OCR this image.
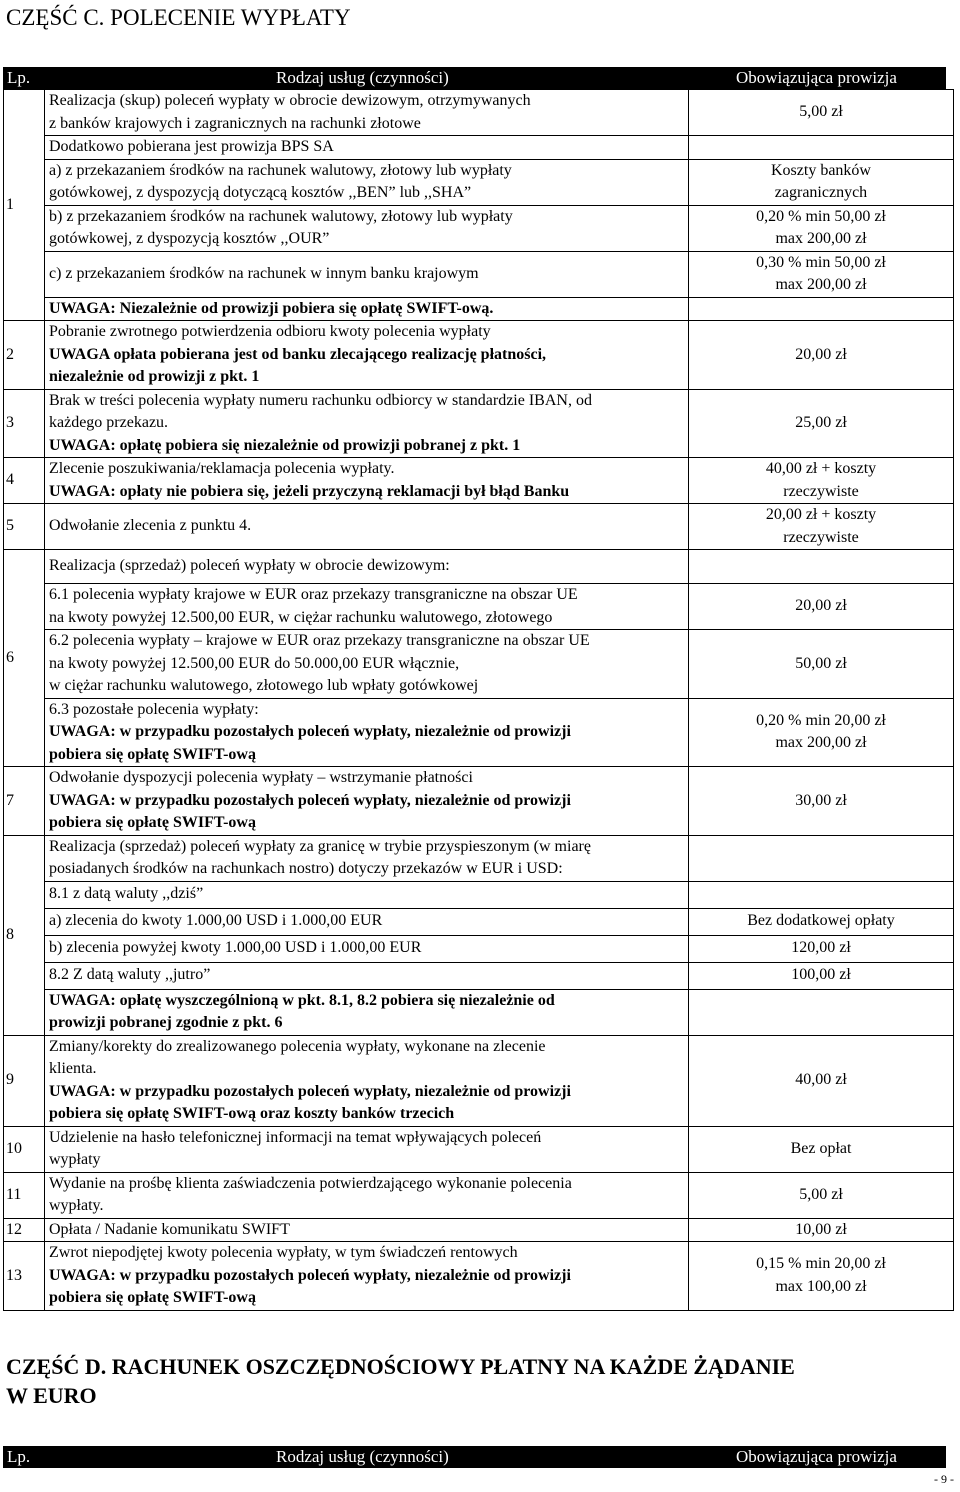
CZĘŚĆ C. POLECENIE WYPŁATY
Lp.	Rodzaj usług (czynności)	Obowiązująca prowizja
1	Realizacja (skup) poleceń wypłaty w obrocie dewizowym, otrzymywanych
z banków krajowych i zagranicznych na rachunki złotowe	5,00 zł
	Dodatkowo pobierana jest prowizja BPS SA	

	a) z przekazaniem środków na rachunek walutowy, złotowy lub wypłaty
gotówkowej, z dyspozycją dotyczącą kosztów ,,BEN” lub ,,SHA”	Koszty banków
zagranicznych

	b) z przekazaniem środków na rachunek walutowy, złotowy lub wypłaty
gotówkowej, z dyspozycją kosztów ,,OUR”	0,20 % min 50,00 zł
max 200,00 zł

	c) z przekazaniem środków na rachunek w innym banku krajowym	0,30 % min 50,00 zł
max 200,00 zł

	UWAGA: Niezależnie od prowizji pobiera się opłatę SWIFT-ową.	
2	Pobranie zwrotnego potwierdzenia odbioru kwoty polecenia wypłaty
UWAGA opłata pobierana jest od banku zlecającego realizację płatności,
niezależnie od prowizji z pkt. 1	20,00 zł
3	Brak w treści polecenia wypłaty numeru rachunku odbiorcy w standardzie IBAN, od
każdego przekazu.
UWAGA: opłatę pobiera się niezależnie od prowizji pobranej z pkt. 1	25,00 zł
4	Zlecenie poszukiwania/reklamacja polecenia wypłaty.
UWAGA: opłaty nie pobiera się, jeżeli przyczyną reklamacji był błąd Banku	40,00 zł + koszty
rzeczywiste

5	Odwołanie zlecenia z punktu 4.	20,00 zł + koszty
rzeczywiste

6	Realizacja (sprzedaż) poleceń wypłaty w obrocie dewizowym:	

	6.1 polecenia wypłaty krajowe w EUR oraz przekazy transgraniczne na obszar UE
na kwoty powyżej 12.500,00 EUR, w ciężar rachunku walutowego, złotowego	20,00 zł

	6.2 polecenia wypłaty – krajowe w EUR oraz przekazy transgraniczne na obszar UE
na kwoty powyżej 12.500,00 EUR do 50.000,00 EUR włącznie,
w ciężar rachunku walutowego, złotowego lub wpłaty gotówkowej	50,00 zł

	6.3 pozostałe polecenia wypłaty:
UWAGA: w przypadku pozostałych poleceń wypłaty, niezależnie od prowizji
pobiera się opłatę SWIFT-ową	0,20 % min 20,00 zł
max 200,00 zł

7	Odwołanie dyspozycji polecenia wypłaty – wstrzymanie płatności
UWAGA: w przypadku pozostałych poleceń wypłaty, niezależnie od prowizji
pobiera się opłatę SWIFT-ową	30,00 zł
8	Realizacja (sprzedaż) poleceń wypłaty za granicę w trybie przyspieszonym (w miarę
posiadanych środków na rachunkach nostro) dotyczy przekazów w EUR i USD:	

	8.1 z datą waluty ,,dziś”	
	a) zlecenia do kwoty 1.000,00 USD i 1.000,00 EUR	Bez dodatkowej opłaty
	b) zlecenia powyżej kwoty 1.000,00 USD i 1.000,00 EUR	120,00 zł
	8.2 Z datą waluty ,,jutro”	100,00 zł

	UWAGA: opłatę wyszczególnioną w pkt. 8.1, 8.2 pobiera się niezależnie od
prowizji pobranej zgodnie z pkt. 6	

9	Zmiany/korekty do zrealizowanego polecenia wypłaty, wykonane na zlecenie
klienta.
UWAGA: w przypadku pozostałych poleceń wypłaty, niezależnie od prowizji
pobiera się opłatę SWIFT-ową oraz koszty banków trzecich	40,00 zł
10	Udzielenie na hasło telefonicznej informacji na temat wpływających poleceń
wypłaty	Bez opłat
11	Wydanie na prośbę klienta zaświadczenia potwierdzającego wykonanie polecenia
wypłaty.	5,00 zł
12	Opłata / Nadanie komunikatu SWIFT	10,00 zł
13	Zwrot niepodjętej kwoty polecenia wypłaty, w tym świadczeń rentowych
UWAGA: w przypadku pozostałych poleceń wypłaty, niezależnie od prowizji
pobiera się opłatę SWIFT-ową	0,15 % min 20,00 zł
max 100,00 zł
CZĘŚĆ D. RACHUNEK OSZCZĘDNOŚCIOWY PŁATNY NA KAŻDE ŻĄDANIE
W EURO
Lp.	Rodzaj usług (czynności)	Obowiązująca prowizja
- 9 -
